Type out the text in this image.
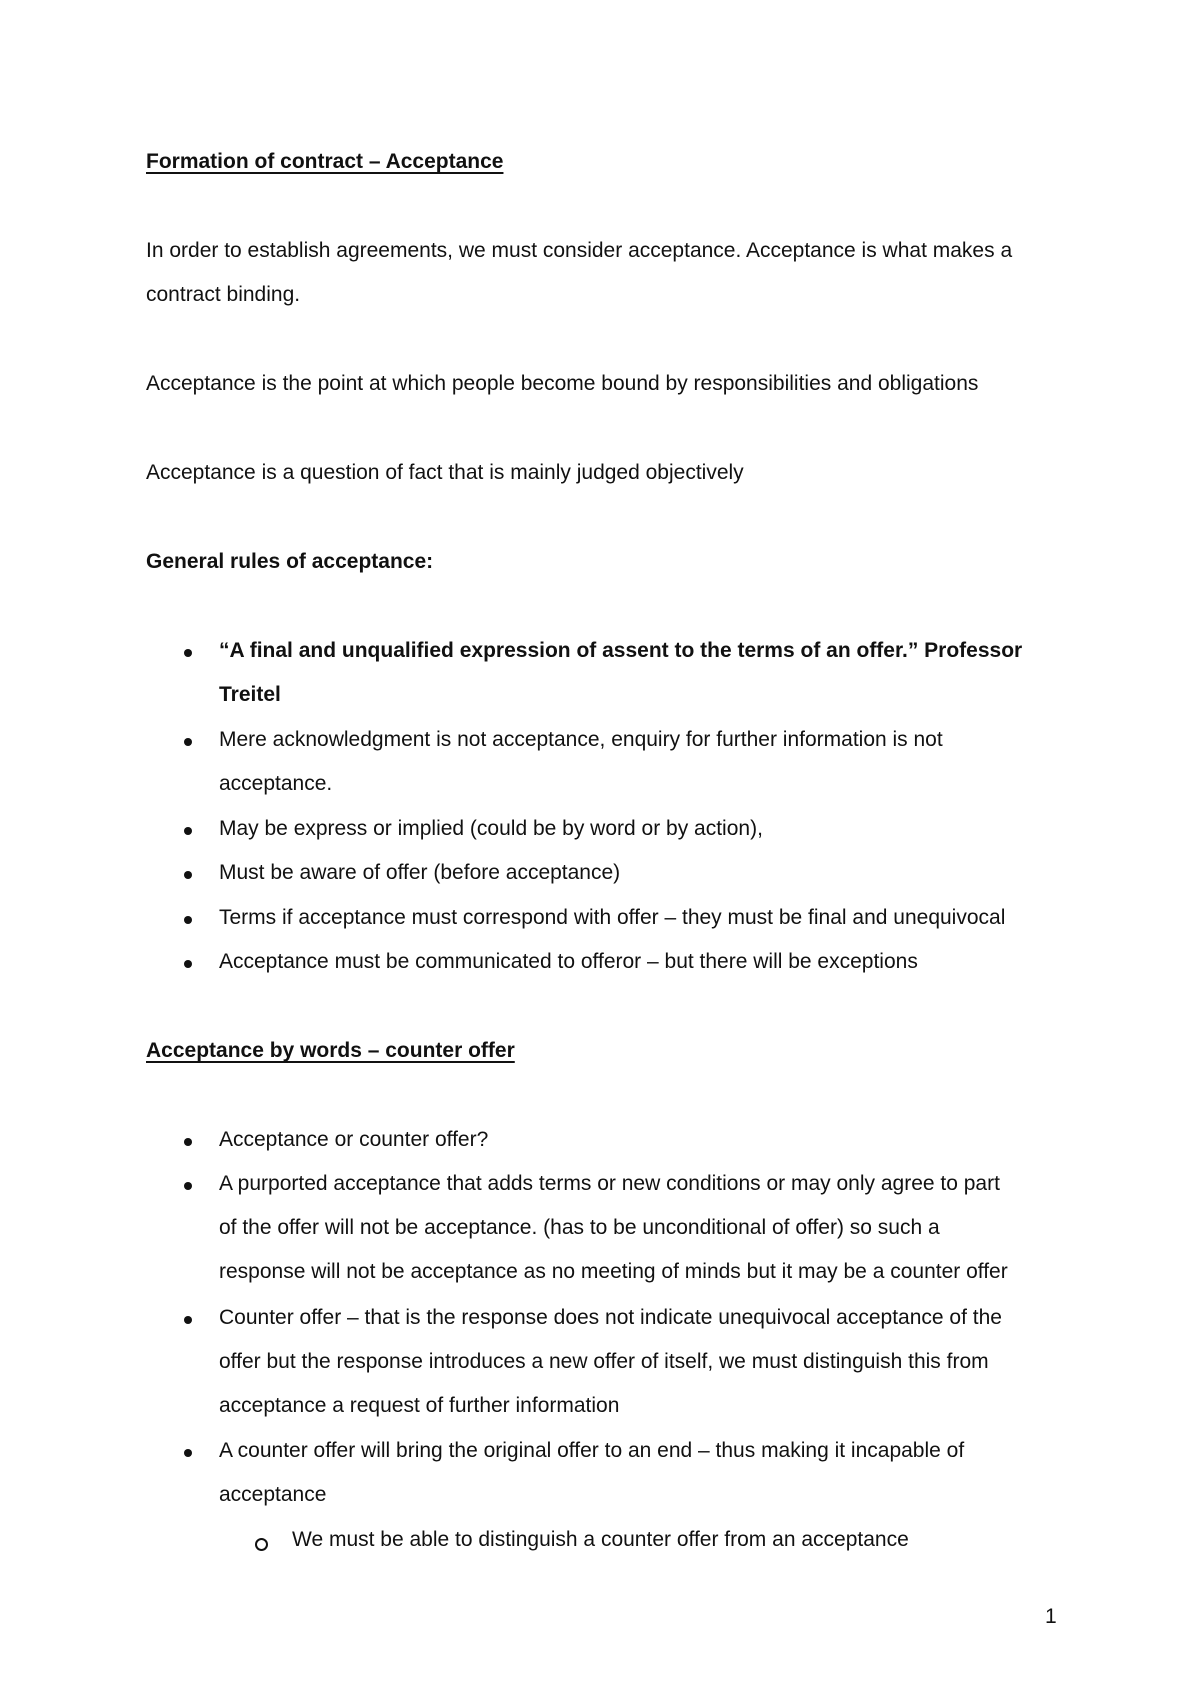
Formation of contract – Acceptance
In order to establish agreements, we must consider acceptance. Acceptance is what makes a
contract binding.
Acceptance is the point at which people become bound by responsibilities and obligations
Acceptance is a question of fact that is mainly judged objectively
General rules of acceptance:
“A final and unqualified expression of assent to the terms of an offer.” Professor
Treitel
Mere acknowledgment is not acceptance, enquiry for further information is not
acceptance.
May be express or implied (could be by word or by action),
Must be aware of offer (before acceptance)
Terms if acceptance must correspond with offer – they must be final and unequivocal
Acceptance must be communicated to offeror – but there will be exceptions
Acceptance by words – counter offer
Acceptance or counter offer?
A purported acceptance that adds terms or new conditions or may only agree to part
of the offer will not be acceptance. (has to be unconditional of offer) so such a
response will not be acceptance as no meeting of minds but it may be a counter offer
Counter offer – that is the response does not indicate unequivocal acceptance of the
offer but the response introduces a new offer of itself, we must distinguish this from
acceptance a request of further information
A counter offer will bring the original offer to an end – thus making it incapable of
acceptance
We must be able to distinguish a counter offer from an acceptance
1
